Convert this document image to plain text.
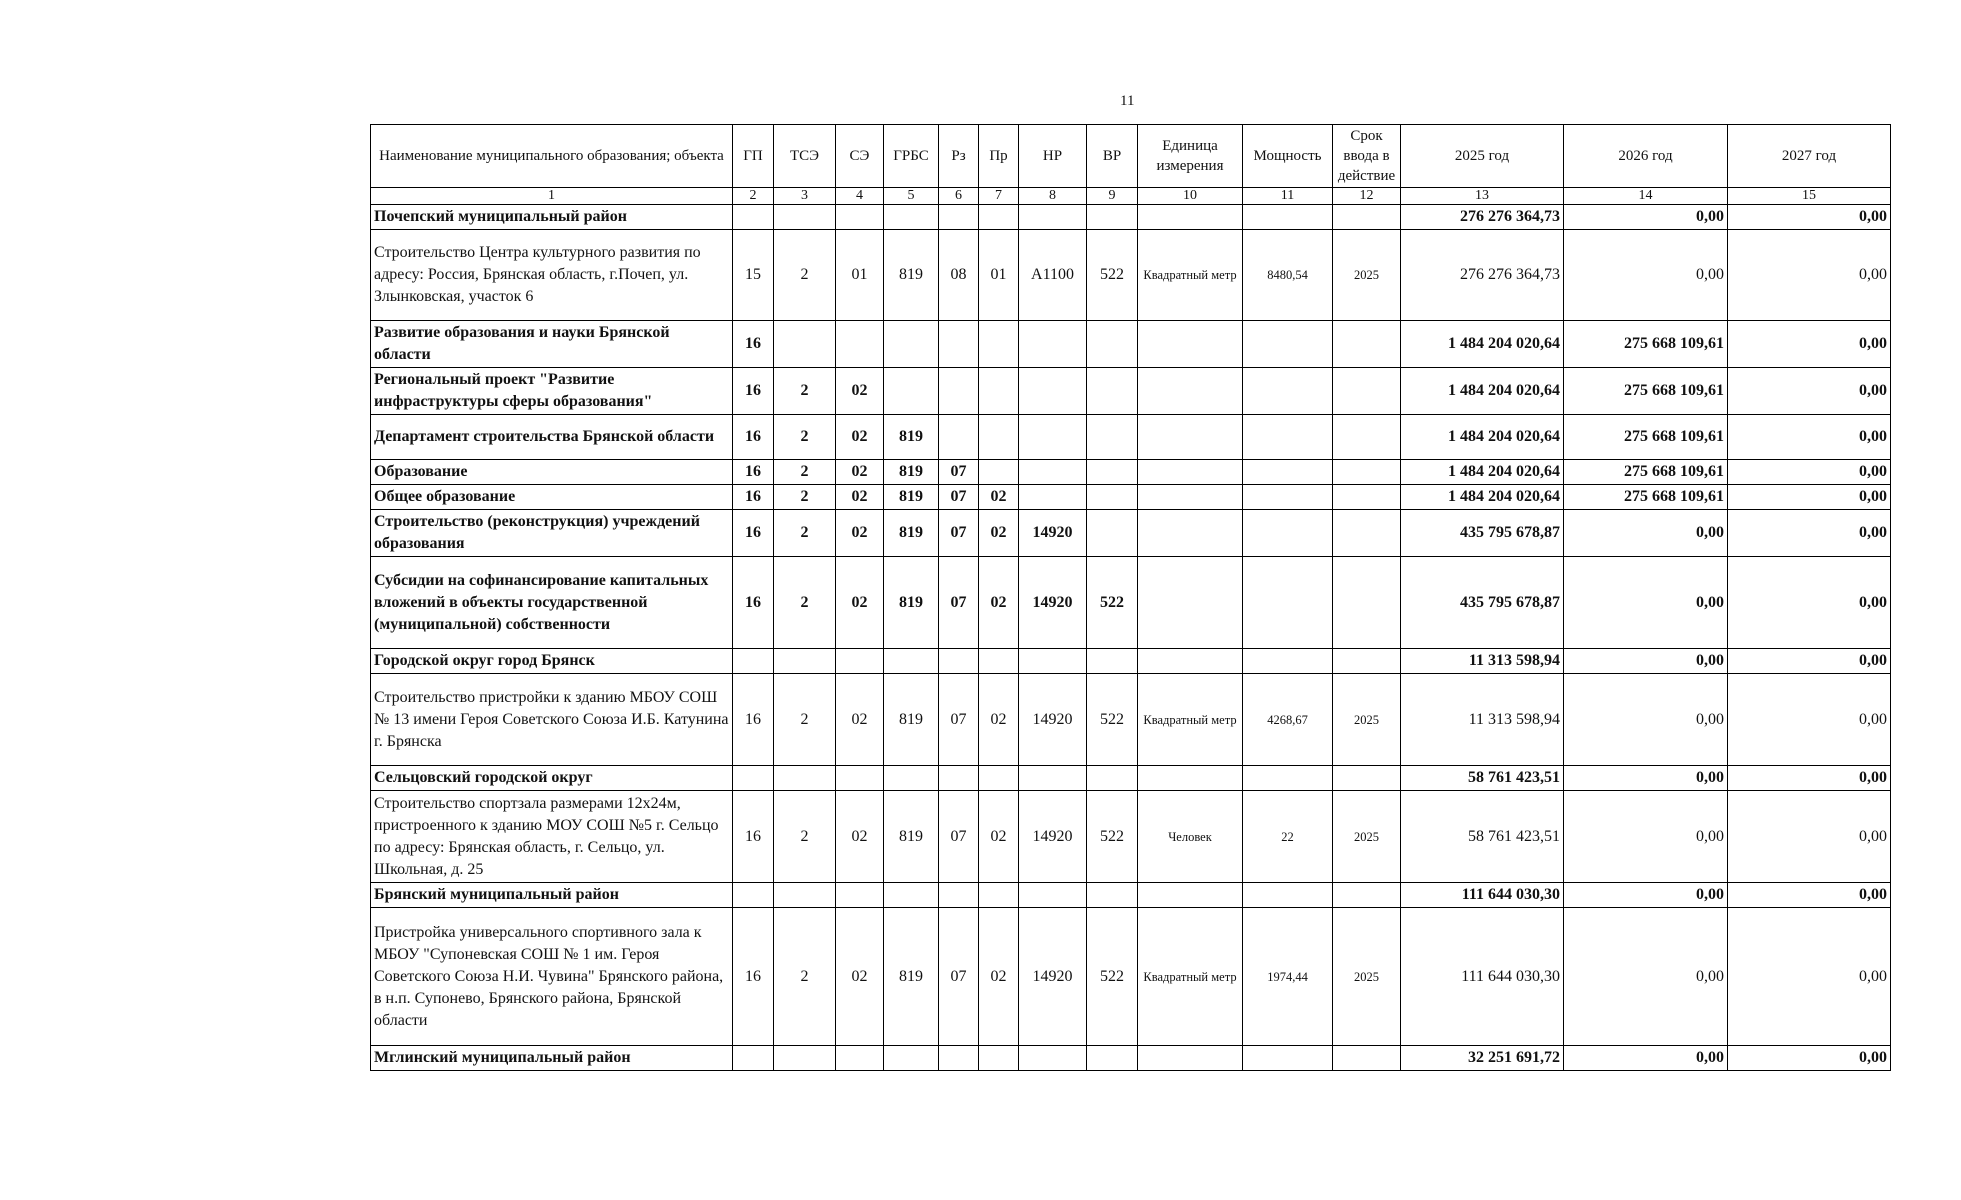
11
Наименование муниципального образования; объекта	ГП	ТСЭ	СЭ	ГРБС	Рз	Пр	НР	ВР	Единица измерения	Мощность	Срок ввода в действие	2025 год	2026 год	2027 год
1	2	3	4	5	6	7	8	9	10	11	12	13	14	15
Почепский муниципальный район												276 276 364,73	0,00	0,00
Строительство Центра культурного развития по адресу: Россия, Брянская область, г.Почеп, ул. Злынковская, участок 6	15	2	01	819	08	01	А1100	522	Квадратный метр	8480,54	2025	276 276 364,73	0,00	0,00
Развитие образования и науки Брянской области	16											1 484 204 020,64	275 668 109,61	0,00
Региональный проект "Развитие инфраструктуры сферы образования"	16	2	02									1 484 204 020,64	275 668 109,61	0,00
Департамент строительства Брянской области	16	2	02	819								1 484 204 020,64	275 668 109,61	0,00
Образование	16	2	02	819	07							1 484 204 020,64	275 668 109,61	0,00
Общее образование	16	2	02	819	07	02						1 484 204 020,64	275 668 109,61	0,00
Строительство (реконструкция) учреждений образования	16	2	02	819	07	02	14920					435 795 678,87	0,00	0,00
Субсидии на софинансирование капитальных вложений в объекты государственной (муниципальной) собственности	16	2	02	819	07	02	14920	522				435 795 678,87	0,00	0,00
Городской округ город Брянск												11 313 598,94	0,00	0,00
Строительство пристройки к зданию МБОУ СОШ № 13 имени Героя Советского Союза И.Б. Катунина г. Брянска	16	2	02	819	07	02	14920	522	Квадратный метр	4268,67	2025	11 313 598,94	0,00	0,00
Сельцовский городской округ												58 761 423,51	0,00	0,00
Строительство спортзала размерами 12х24м, пристроенного к зданию МОУ СОШ №5 г. Сельцо по адресу: Брянская область, г. Сельцо, ул. Школьная, д. 25	16	2	02	819	07	02	14920	522	Человек	22	2025	58 761 423,51	0,00	0,00
Брянский муниципальный район												111 644 030,30	0,00	0,00
Пристройка универсального спортивного зала к МБОУ "Супоневская СОШ № 1 им. Героя Советского Союза Н.И. Чувина" Брянского района, в н.п. Супонево, Брянского района, Брянской области	16	2	02	819	07	02	14920	522	Квадратный метр	1974,44	2025	111 644 030,30	0,00	0,00
Мглинский муниципальный район												32 251 691,72	0,00	0,00
